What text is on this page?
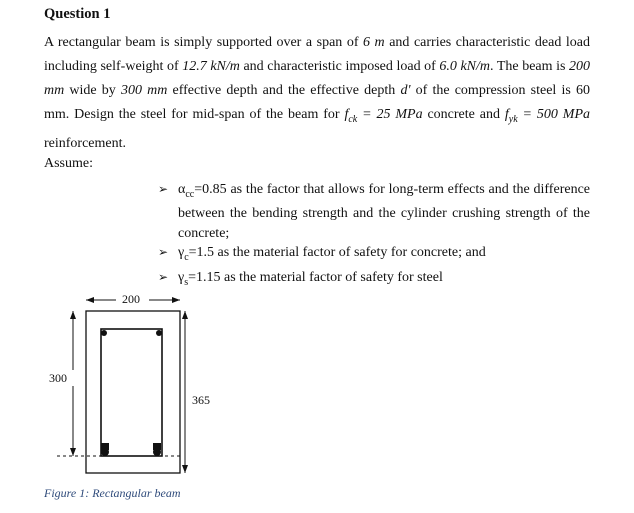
Question 1
A rectangular beam is simply supported over a span of 6 m and carries characteristic dead load including self-weight of 12.7 kN/m and characteristic imposed load of 6.0 kN/m. The beam is 200 mm wide by 300 mm effective depth and the effective depth d' of the compression steel is 60 mm. Design the steel for mid-span of the beam for $f_{ck} = 25$ MPa concrete and $f_{yk} = 500$ MPa reinforcement.
Assume:
➢ $\alpha_{cc}=0.85$ as the factor that allows for long-term effects and the difference between the bending strength and the cylinder crushing strength of the concrete;
➢ $\gamma_c=1.5$ as the material factor of safety for concrete; and
➢ $\gamma_s=1.15$ as the material factor of safety for steel
200
300
365
Figure 1: Rectangular beam
